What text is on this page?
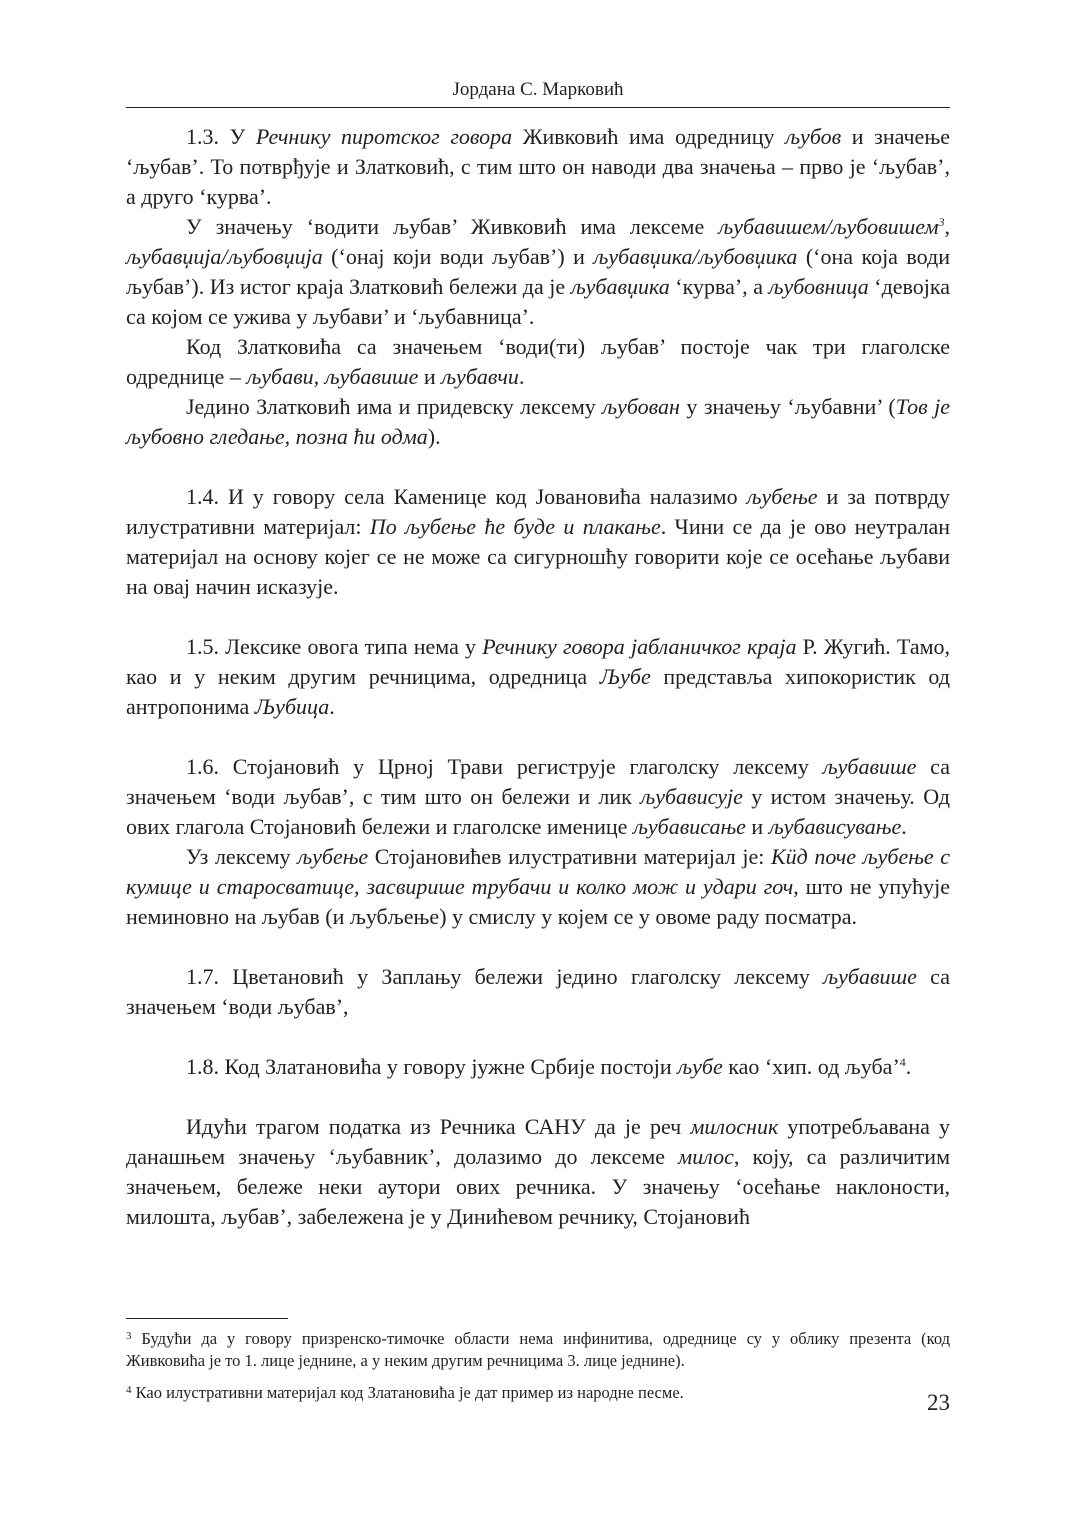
Јордана С. Марковић

1.3. У Речнику пиротског говора Живковић има одредницу љубов и значење ‘љубав’. То потврђује и Златковић, с тим што он наводи два значења – прво је ‘љубав’, а друго ‘курва’.

У значењу ‘водити љубав’ Живковић има лексеме љубавишем/љубовишем$^3$, љубавџија/љубовџија (‘онај који води љубав’) и љубавџика/љубовџика (‘она која води љубав’). Из истог краја Златковић бележи да је љубавџика ‘курва’, а љубовница ‘девојка са којом се ужива у љубави’ и ‘љубавница’.

Код Златковића са значењем ‘води(ти) љубав’ постоје чак три глаголске одреднице – љубави, љубавише и љубавчи.

Једино Златковић има и придевску лексему љубован у значењу ‘љубавни’ (Тов је љубовно гледање, позна ћи одма).

1.4. И у говору села Каменице код Јовановића налазимо љубење и за потврду илустративни материјал: По љубење ће буде и плакање. Чини се да је ово неутралан материјал на основу којег се не може са сигурношћу говорити које се осећање љубави на овај начин исказује.

1.5. Лексике овога типа нема у Речнику говора јабланичког краја Р. Жугић. Тамо, као и у неким другим речницима, одредница Љубе представља хипокористик од антропонима Љубица.

1.6. Стојановић у Црној Трави региструје глаголску лексему љубавише са значењем ‘води љубав’, с тим што он бележи и лик љубависује у истом значењу. Од ових глагола Стојановић бележи и глаголске именице љубависање и љубависување.

Уз лексему љубење Стојановићев илустративни материјал је: Кӥд поче љубење с кумице и старосватице, засвирише трубачи и колко мож и удари гоч, што не упућује неминовно на љубав (и љубљење) у смислу у којем се у овоме раду посматра.

1.7. Цветановић у Заплању бележи једино глаголску лексему љубавише са значењем ‘води љубав’,

1.8. Код Златановића у говору јужне Србије постоји љубе као ‘хип. од љуба’$^4$.

Идући трагом податка из Речника САНУ да је реч милосник употребљавана у данашњем значењу ‘љубавник’, долазимо до лексеме милос, коју, са различитим значењем, бележе неки аутори ових речника. У значењу ‘осећање наклоности, милошта, љубав’, забележена је у Динићевом речнику, Стојановић

$^3$ Будући да у говору призренско-тимочке области нема инфинитива, одреднице су у облику презента (код Живковића је то 1. лице једнине, а у неким другим речницима 3. лице једнине).

$^4$ Као илустративни материјал код Златановића је дат пример из народне песме.	23
